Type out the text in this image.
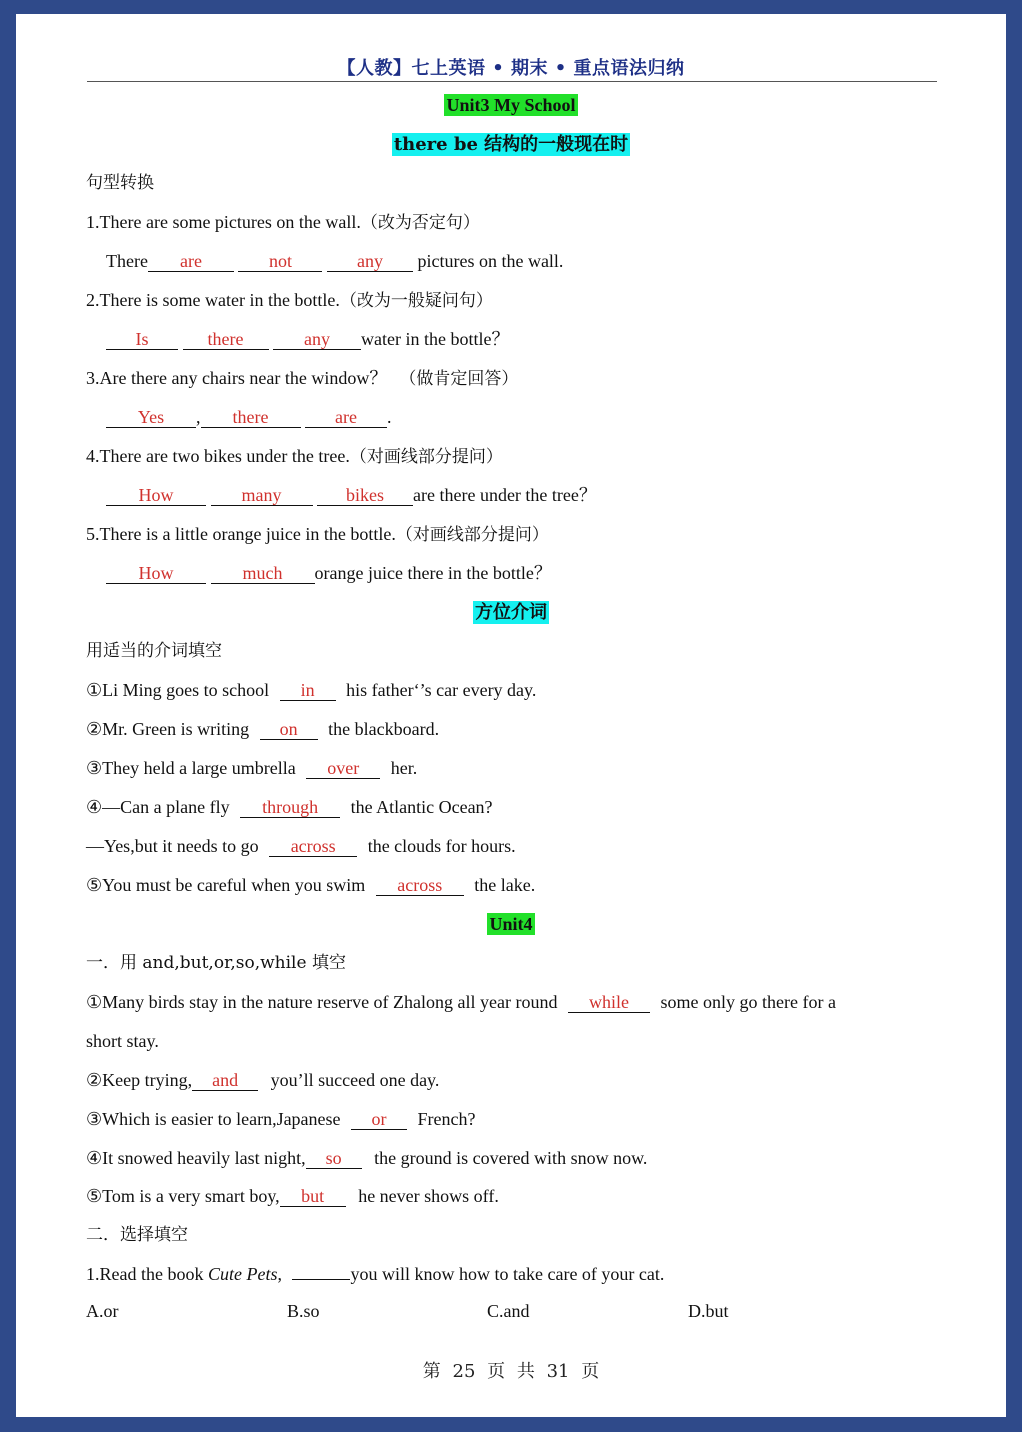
【人教】七上英语 • 期末 • 重点语法归纳
Unit3 My School
there be 结构的一般现在时
句型转换
1.There are some pictures on the wall.（改为否定句）
There are	not	any pictures on the wall.
2.There is some water in the bottle.（改为一般疑问句）
Is	there	any water in the bottle？
3.Are there any chairs near the window？ （做肯定回答）
Yes , there	are .
4.There are two bikes under the tree.（对画线部分提问）
How	many	bikes are there under the tree？
5.There is a little orange juice in the bottle.（对画线部分提问）
How	much orange juice there in the bottle？
方位介词
用适当的介词填空
①Li Ming goes to school in his father‘’s car every day.
②Mr. Green is writing on the blackboard.
③They held a large umbrella over her.
④—Can a plane fly through the Atlantic Ocean?
—Yes,but it needs to go across the clouds for hours.
⑤You must be careful when you swim across the lake.
Unit4
一．用 and,but,or,so,while 填空
①Many birds stay in the nature reserve of Zhalong all year round while some only go there for a
short stay.
②Keep trying, and you’ll succeed one day.
③Which is easier to learn,Japanese or French?
④It snowed heavily last night, so the ground is covered with snow now.
⑤Tom is a very smart boy, but he never shows off.
二．选择填空
1.Read the book Cute Pets,	you will know how to take care of your cat.
A.or	B.so	C.and	D.but
第 25 页 共 31 页
